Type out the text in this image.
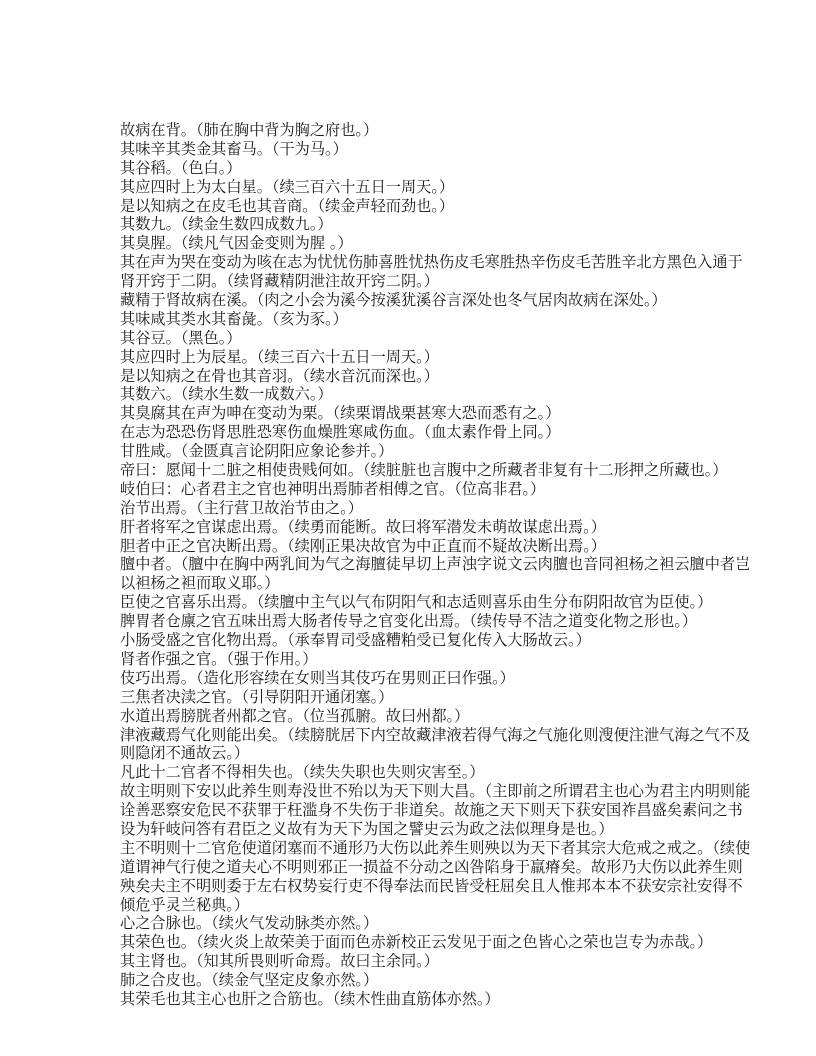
故病在背。（肺在胸中背为胸之府也。）
其味辛其类金其畜马。（干为马。）
其谷稻。（色白。）
其应四时上为太白星。（续三百六十五日一周天。）
是以知病之在皮毛也其音商。（续金声轻而劲也。）
其数九。（续金生数四成数九。）
其臭腥。（续凡气因金变则为腥 。）
其在声为哭在变动为咳在志为忧忧伤肺喜胜忧热伤皮毛寒胜热辛伤皮毛苦胜辛北方黑色入通于
肾开窍于二阴。（续肾藏精阴泄注故开窍二阴。）
藏精于肾故病在溪。（肉之小会为溪今按溪犹溪谷言深处也冬气居肉故病在深处。）
其味咸其类水其畜彘。（亥为豕。）
其谷豆。（黑色。）
其应四时上为辰星。（续三百六十五日一周天。）
是以知病之在骨也其音羽。（续水音沉而深也。）
其数六。（续水生数一成数六。）
其臭腐其在声为呻在变动为栗。（续栗谓战栗甚寒大恐而悉有之。）
在志为恐恐伤肾思胜恐寒伤血燥胜寒咸伤血。（血太素作骨上同。）
甘胜咸。（金匮真言论阴阳应象论参并。）
帝曰：愿闻十二脏之相使贵贱何如。（续脏脏也言腹中之所藏者非复有十二形押之所藏也。）
岐伯曰：心者君主之官也神明出焉肺者相傅之官。（位高非君。）
治节出焉。（主行营卫故治节由之。）
肝者将军之官谋虑出焉。（续勇而能断。故曰将军潜发未萌故谋虑出焉。）
胆者中正之官决断出焉。（续刚正果决故官为中正直而不疑故决断出焉。）
膻中者。（膻中在胸中两乳间为气之海膻徒早切上声浊字说文云肉膻也音同袒杨之袒云膻中者岂
以袒杨之袒而取义耶。）
臣使之官喜乐出焉。（续膻中主气以气布阴阳气和志适则喜乐由生分布阴阳故官为臣使。）
脾胃者仓廪之官五味出焉大肠者传导之官变化出焉。（续传导不洁之道变化物之形也。）
小肠受盛之官化物出焉。（承奉胃司受盛糟粕受已复化传入大肠故云。）
肾者作强之官。（强于作用。）
伎巧出焉。（造化形容续在女则当其伎巧在男则正曰作强。）
三焦者决渎之官。（引导阴阳开通闭塞。）
水道出焉膀胱者州都之官。（位当孤腑。故曰州都。）
津液藏焉气化则能出矣。（续膀胱居下内空故藏津液若得气海之气施化则溲便注泄气海之气不及
则隐闭不通故云。）
凡此十二官者不得相失也。（续失失职也失则灾害至。）
故主明则下安以此养生则寿没世不殆以为天下则大昌。（主即前之所谓君主也心为君主内明则能
诠善恶察安危民不获罪于枉滥身不失伤于非道矣。故施之天下则天下获安国祚昌盛矣素问之书
设为轩岐问答有君臣之义故有为天下为国之譬史云为政之法似理身是也。）
主不明则十二官危使道闭塞而不通形乃大伤以此养生则殃以为天下者其宗大危戒之戒之。（续使
道谓神气行使之道夫心不明则邪正一损益不分动之凶咎陷身于羸瘠矣。故形乃大伤以此养生则
殃矣夫主不明则委于左右权势妄行吏不得奉法而民皆受枉屈矣且人惟邦本本不获安宗社安得不
倾危乎灵兰秘典。）
心之合脉也。（续火气发动脉类亦然。）
其荣色也。（续火炎上故荣美于面而色赤新校正云发见于面之色皆心之荣也岂专为赤哉。）
其主肾也。（知其所畏则听命焉。故曰主余同。）
肺之合皮也。（续金气坚定皮象亦然。）
其荣毛也其主心也肝之合筋也。（续木性曲直筋体亦然。）
